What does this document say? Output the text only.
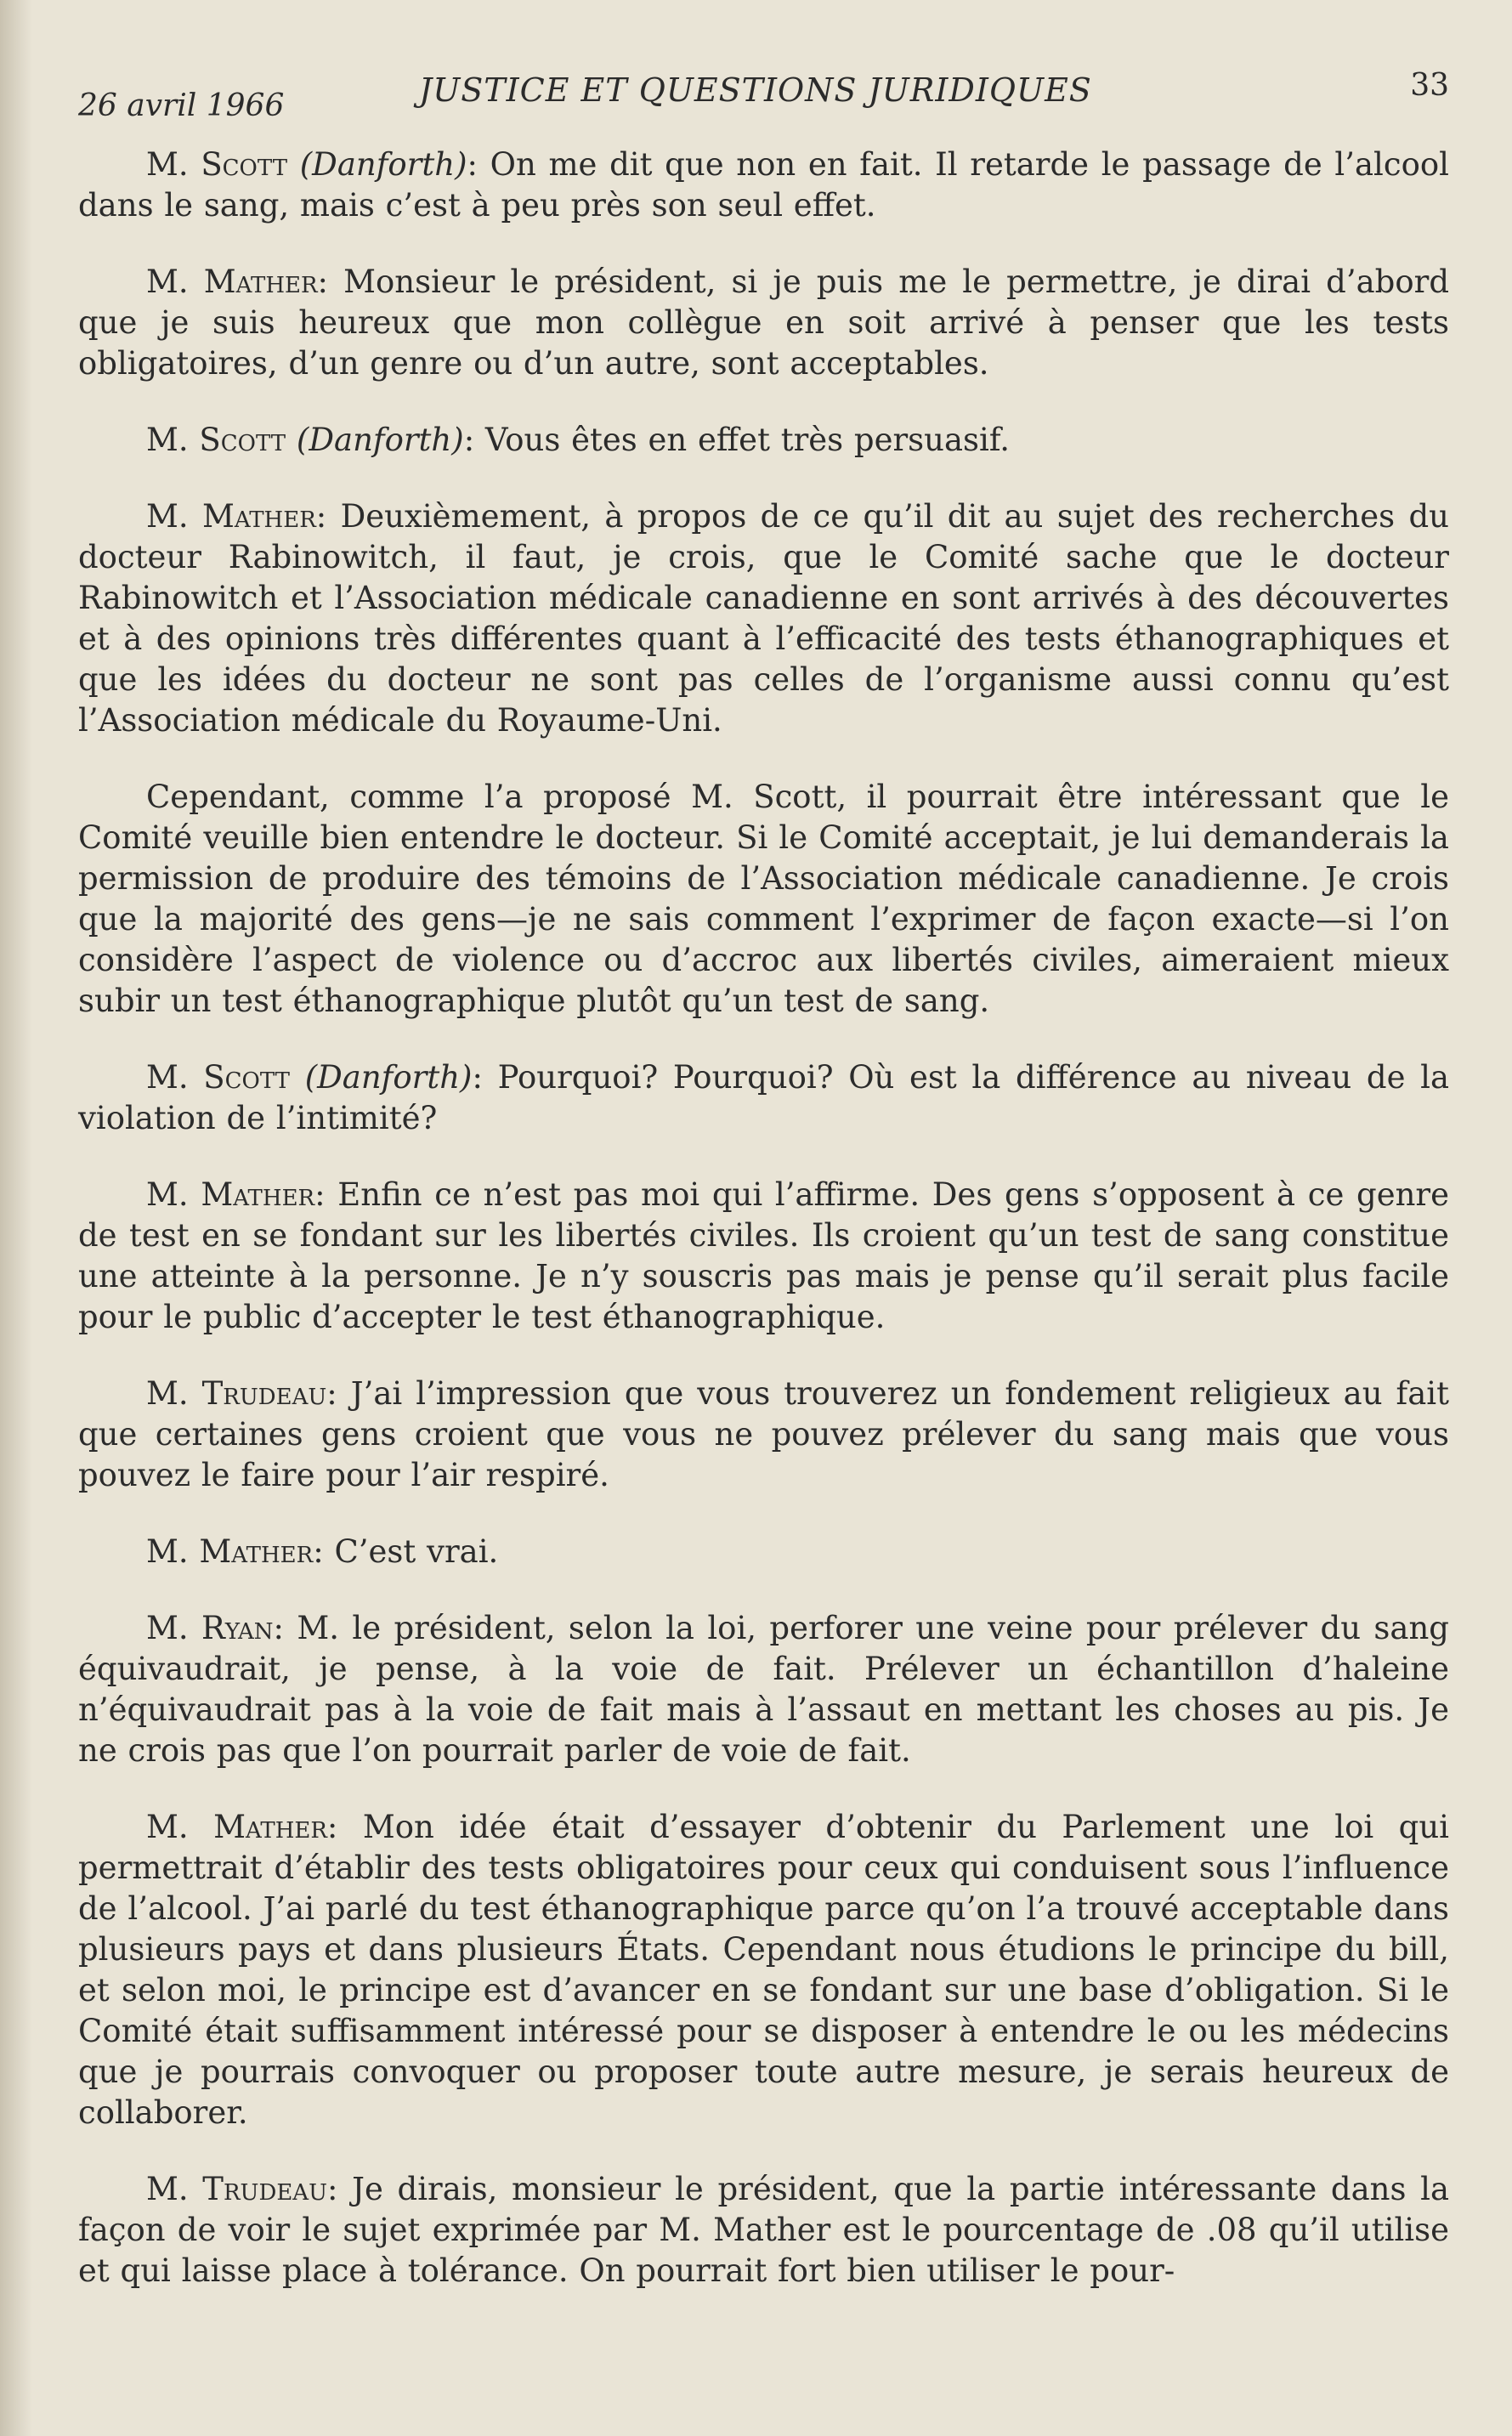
26 avril 1966	JUSTICE ET QUESTIONS JURIDIQUES	33

M. Scott (Danforth): On me dit que non en fait. Il retarde le passage de l’alcool dans le sang, mais c’est à peu près son seul effet.

M. Mather: Monsieur le président, si je puis me le permettre, je dirai d’abord que je suis heureux que mon collègue en soit arrivé à penser que les tests obligatoires, d’un genre ou d’un autre, sont acceptables.

M. Scott (Danforth): Vous êtes en effet très persuasif.

M. Mather: Deuxièmement, à propos de ce qu’il dit au sujet des recherches du docteur Rabinowitch, il faut, je crois, que le Comité sache que le docteur Rabinowitch et l’Association médicale canadienne en sont arrivés à des découvertes et à des opinions très différentes quant à l’efficacité des tests éthanographiques et que les idées du docteur ne sont pas celles de l’organisme aussi connu qu’est l’Association médicale du Royaume-Uni.

Cependant, comme l’a proposé M. Scott, il pourrait être intéressant que le Comité veuille bien entendre le docteur. Si le Comité acceptait, je lui demanderais la permission de produire des témoins de l’Association médicale canadienne. Je crois que la majorité des gens—je ne sais comment l’exprimer de façon exacte—si l’on considère l’aspect de violence ou d’accroc aux libertés civiles, aimeraient mieux subir un test éthanographique plutôt qu’un test de sang.

M. Scott (Danforth): Pourquoi? Pourquoi? Où est la différence au niveau de la violation de l’intimité?

M. Mather: Enfin ce n’est pas moi qui l’affirme. Des gens s’opposent à ce genre de test en se fondant sur les libertés civiles. Ils croient qu’un test de sang constitue une atteinte à la personne. Je n’y souscris pas mais je pense qu’il serait plus facile pour le public d’accepter le test éthanographique.

M. Trudeau: J’ai l’impression que vous trouverez un fondement religieux au fait que certaines gens croient que vous ne pouvez prélever du sang mais que vous pouvez le faire pour l’air respiré.

M. Mather: C’est vrai.

M. Ryan: M. le président, selon la loi, perforer une veine pour prélever du sang équivaudrait, je pense, à la voie de fait. Prélever un échantillon d’haleine n’équivaudrait pas à la voie de fait mais à l’assaut en mettant les choses au pis. Je ne crois pas que l’on pourrait parler de voie de fait.

M. Mather: Mon idée était d’essayer d’obtenir du Parlement une loi qui permettrait d’établir des tests obligatoires pour ceux qui conduisent sous l’influence de l’alcool. J’ai parlé du test éthanographique parce qu’on l’a trouvé acceptable dans plusieurs pays et dans plusieurs États. Cependant nous étudions le principe du bill, et selon moi, le principe est d’avancer en se fondant sur une base d’obligation. Si le Comité était suffisamment intéressé pour se disposer à entendre le ou les médecins que je pourrais convoquer ou proposer toute autre mesure, je serais heureux de collaborer.

M. Trudeau: Je dirais, monsieur le président, que la partie intéressante dans la façon de voir le sujet exprimée par M. Mather est le pourcentage de .08 qu’il utilise et qui laisse place à tolérance. On pourrait fort bien utiliser le pour-
